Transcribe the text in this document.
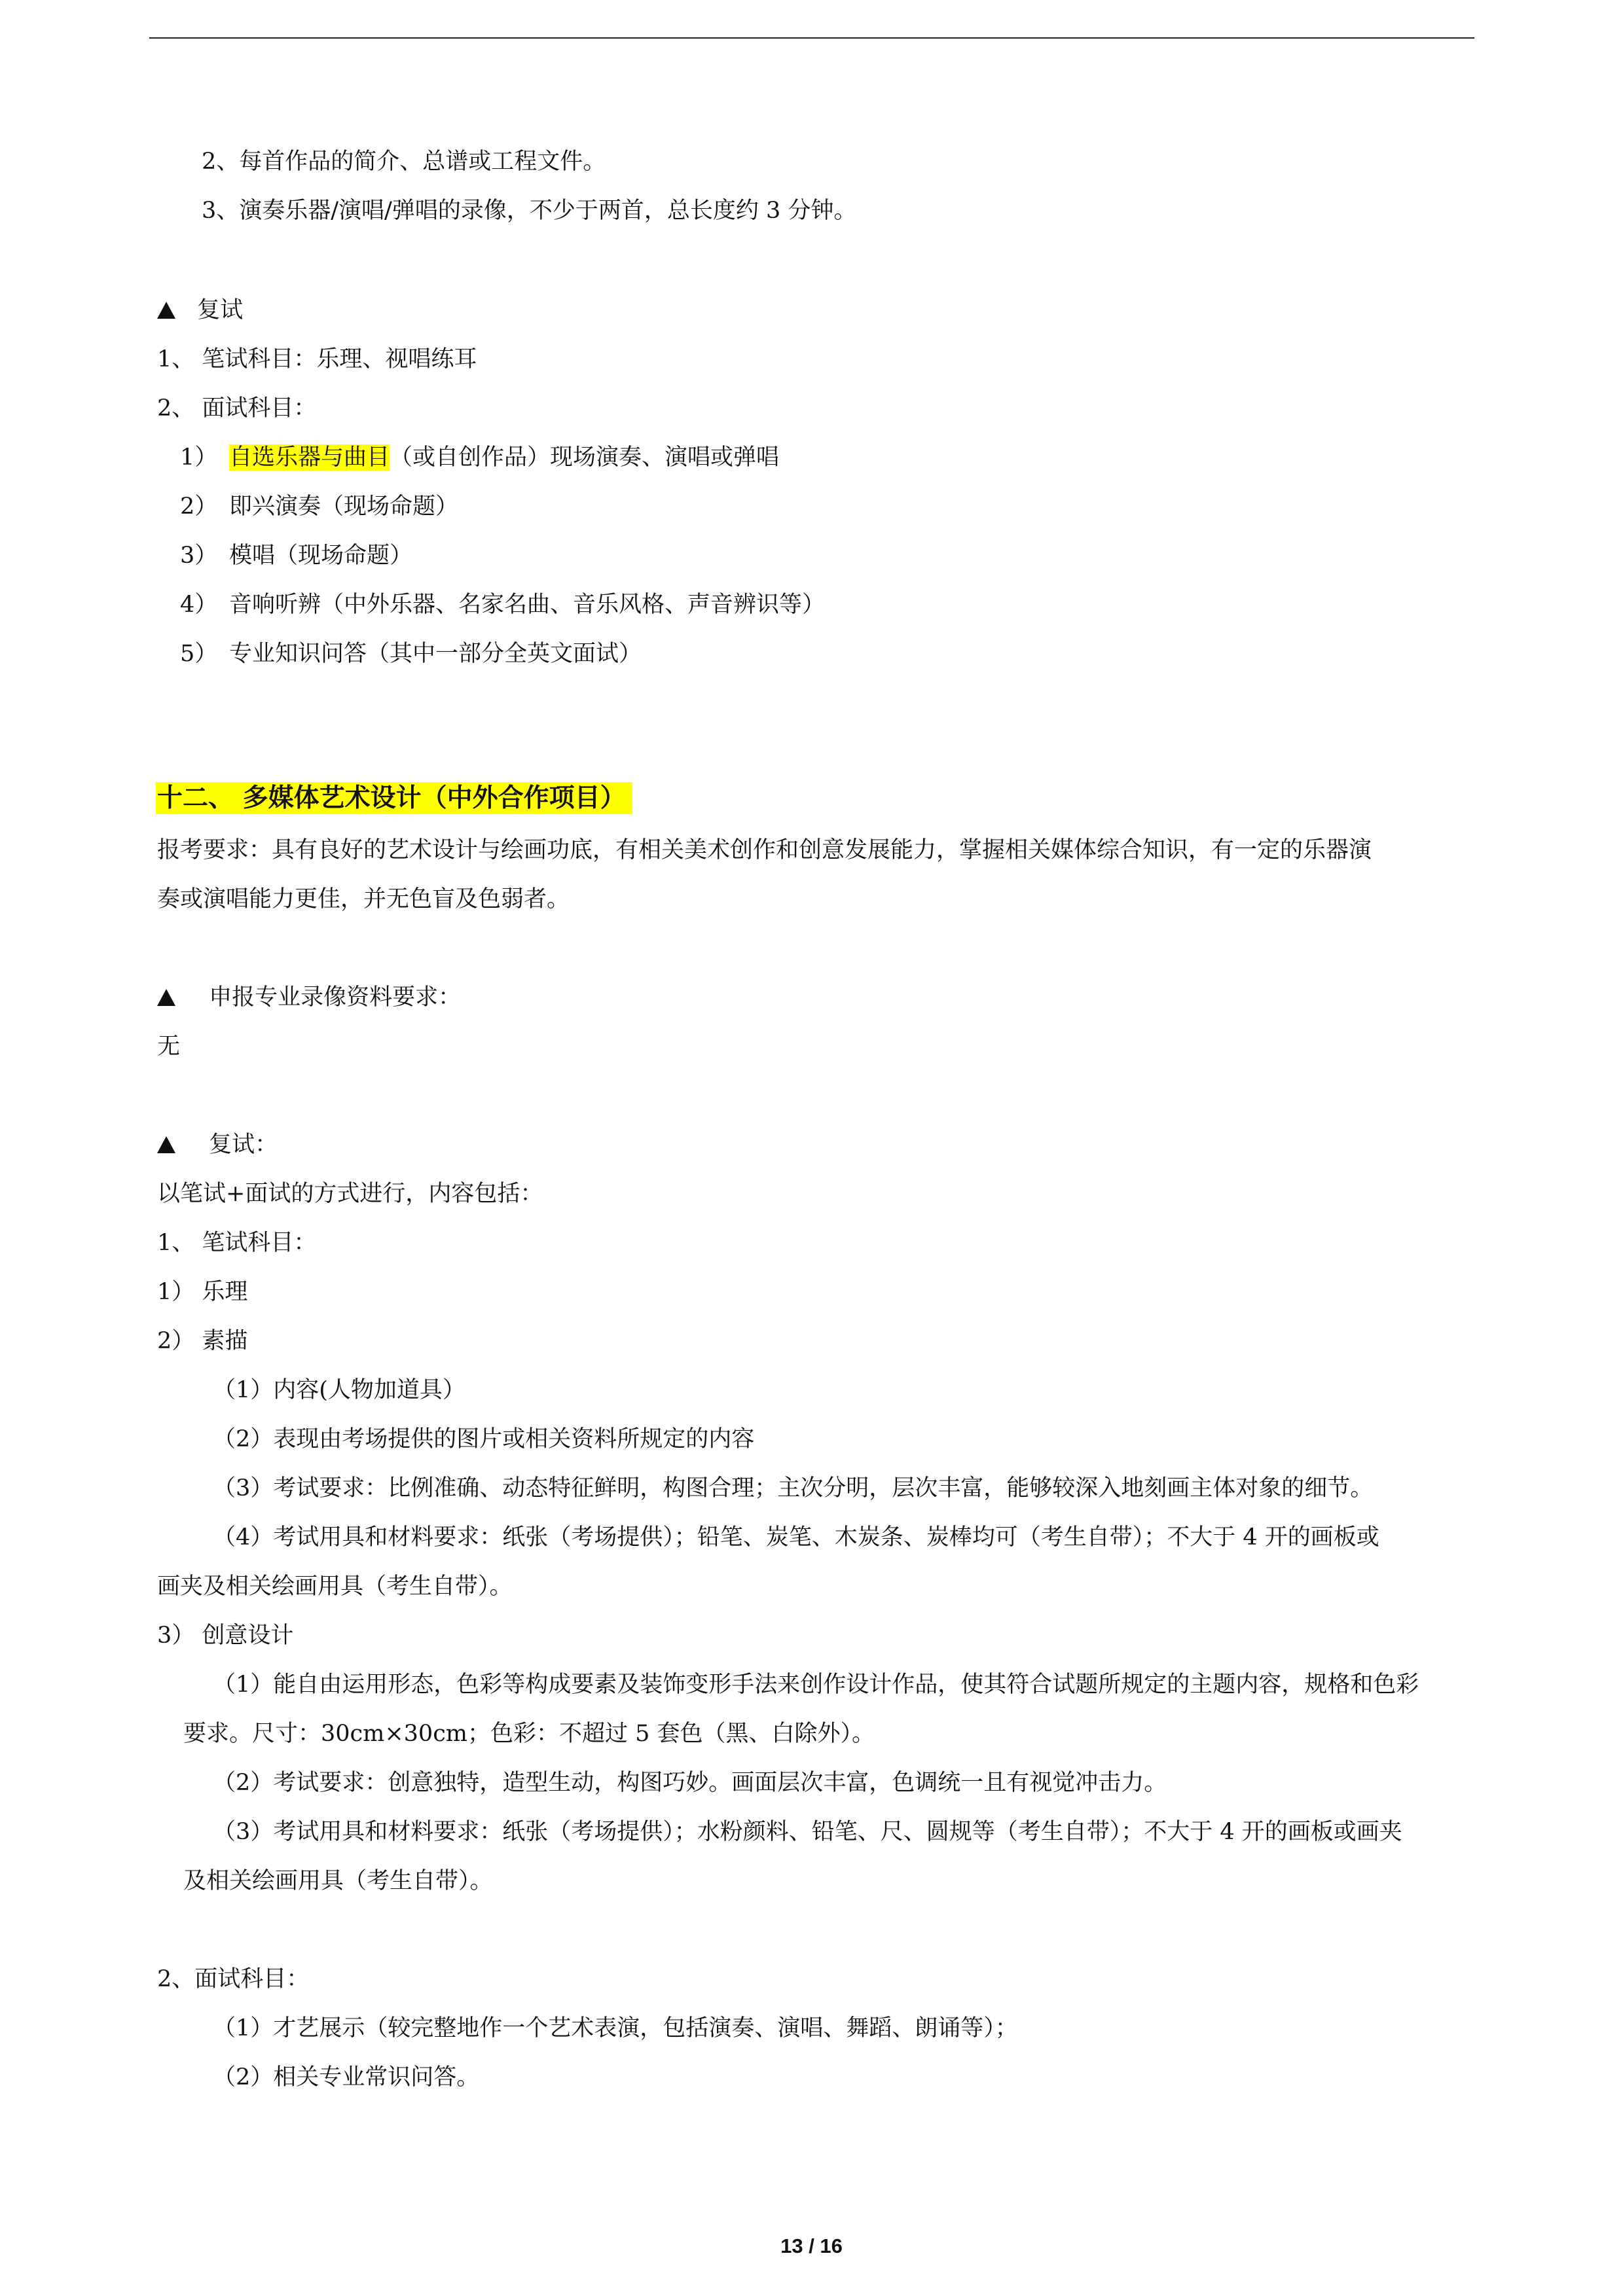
2、每首作品的简介、总谱或工程文件。
3、演奏乐器/演唱/弹唱的录像，不少于两首，总长度约 3 分钟。
复试
1、 笔试科目：乐理、视唱练耳
2、 面试科目：
1） 自选乐器与曲目（或自创作品）现场演奏、演唱或弹唱
2） 即兴演奏（现场命题）
3） 模唱（现场命题）
4） 音响听辨（中外乐器、名家名曲、音乐风格、声音辨识等）
5） 专业知识问答（其中一部分全英文面试）
十二、 多媒体艺术设计（中外合作项目）
报考要求：具有良好的艺术设计与绘画功底，有相关美术创作和创意发展能力，掌握相关媒体综合知识，有一定的乐器演
奏或演唱能力更佳，并无色盲及色弱者。
申报专业录像资料要求：
无
复试：
以笔试+面试的方式进行，内容包括：
1、 笔试科目：
1） 乐理
2） 素描
（1）内容(人物加道具）
（2）表现由考场提供的图片或相关资料所规定的内容
（3）考试要求：比例准确、动态特征鲜明，构图合理；主次分明，层次丰富，能够较深入地刻画主体对象的细节。
（4）考试用具和材料要求：纸张（考场提供）；铅笔、炭笔、木炭条、炭棒均可（考生自带）；不大于 4 开的画板或
画夹及相关绘画用具（考生自带）。
3） 创意设计
（1）能自由运用形态，色彩等构成要素及装饰变形手法来创作设计作品，使其符合试题所规定的主题内容，规格和色彩
要求。尺寸：30cm×30cm；色彩：不超过 5 套色（黑、白除外）。
（2）考试要求：创意独特，造型生动，构图巧妙。画面层次丰富，色调统一且有视觉冲击力。
（3）考试用具和材料要求：纸张（考场提供）；水粉颜料、铅笔、尺、圆规等（考生自带）；不大于 4 开的画板或画夹
及相关绘画用具（考生自带）。
2、面试科目：
（1）才艺展示（较完整地作一个艺术表演，包括演奏、演唱、舞蹈、朗诵等）；
（2）相关专业常识问答。
13 / 16
